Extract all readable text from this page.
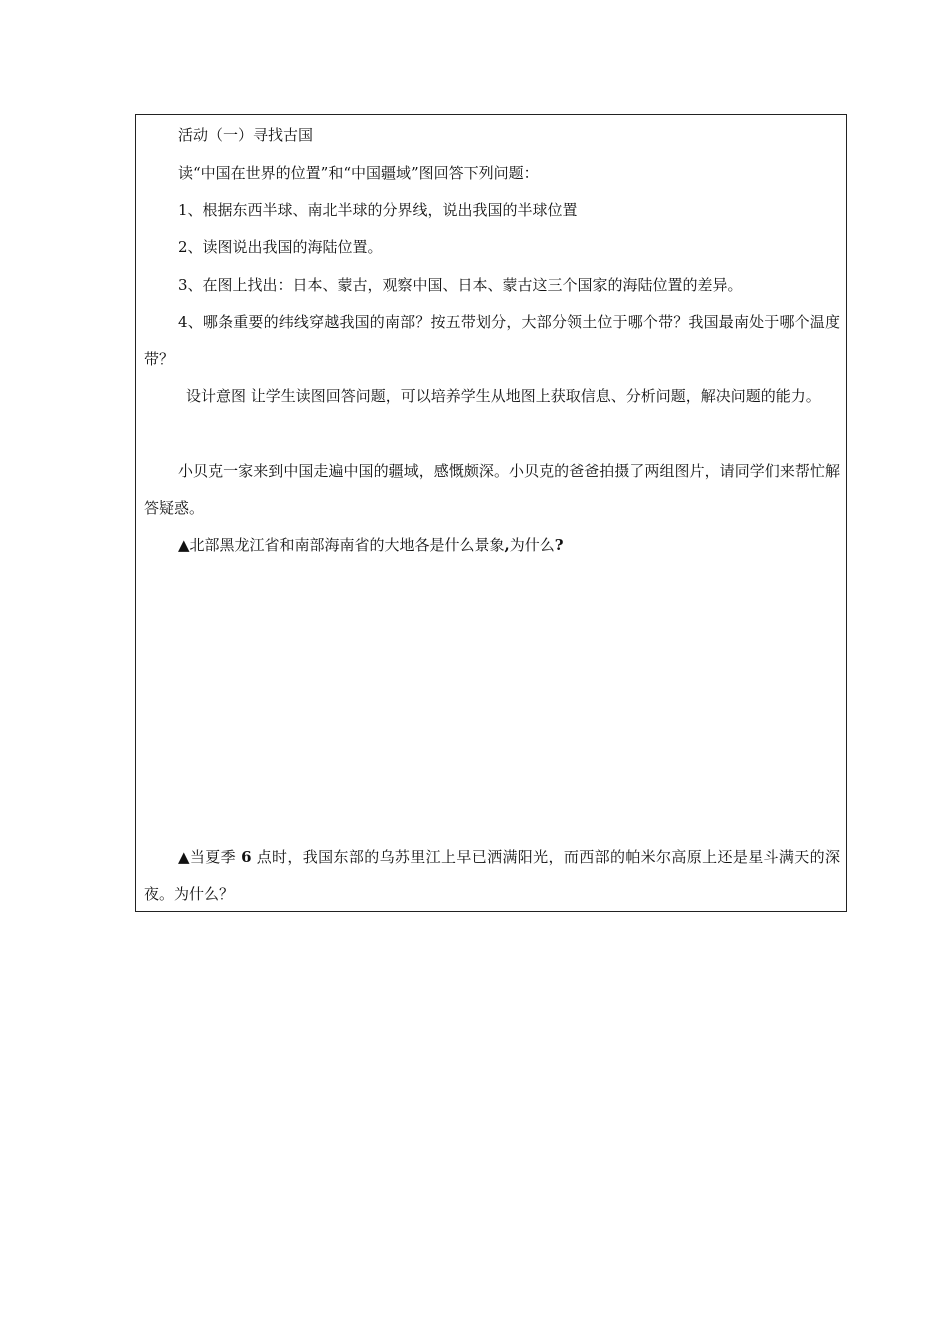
活动（一）寻找古国
读“中国在世界的位置”和“中国疆域”图回答下列问题：
1、根据东西半球、南北半球的分界线，说出我国的半球位置
2、读图说出我国的海陆位置。
3、在图上找出：日本、蒙古，观察中国、日本、蒙古这三个国家的海陆位置的差异。
4、哪条重要的纬线穿越我国的南部？按五带划分，大部分领土位于哪个带？我国最南处于哪个温度带？
设计意图 让学生读图回答问题，可以培养学生从地图上获取信息、分析问题，解决问题的能力。
小贝克一家来到中国走遍中国的疆域，感慨颇深。小贝克的爸爸拍摄了两组图片，请同学们来帮忙解答疑惑。
▲北部黑龙江省和南部海南省的大地各是什么景象,为什么?
▲当夏季 6 点时，我国东部的乌苏里江上早已洒满阳光，而西部的帕米尔高原上还是星斗满天的深夜。为什么？
